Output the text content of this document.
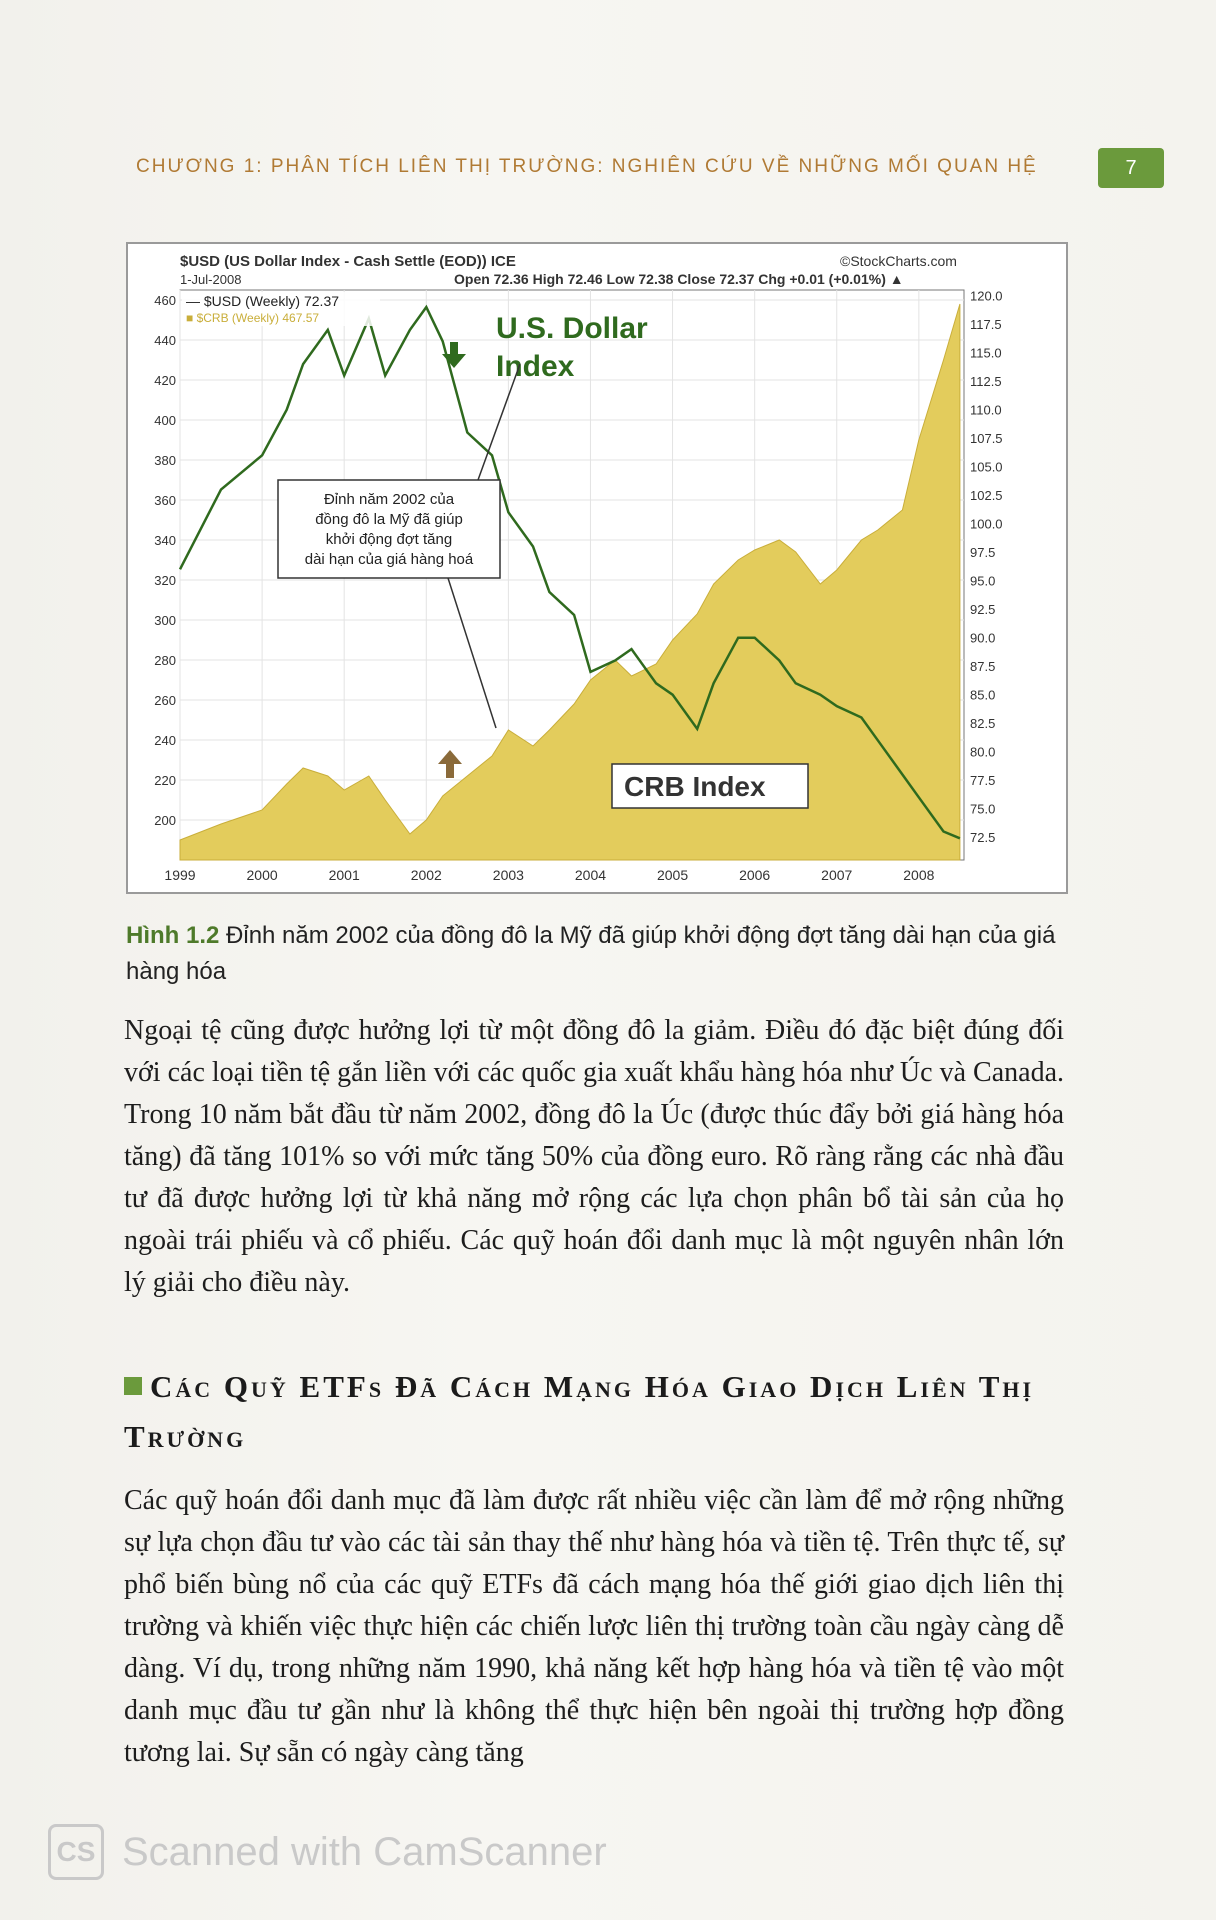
CHƯƠNG 1: PHÂN TÍCH LIÊN THỊ TRƯỜNG: NGHIÊN CỨU VỀ NHỮNG MỐI QUAN HỆ	7
$USD (US Dollar Index - Cash Settle (EOD)) ICE	©StockCharts.com
1-Jul-2008	Open 72.36 High 72.46 Low 72.38 Close 72.37 Chg +0.01 (+0.01%) ▲
200
220
240
260
280
300
320
340
360
380
400
420
440
460
72.5
75.0
77.5
80.0
82.5
85.0
87.5
90.0
92.5
95.0
97.5
100.0
102.5
105.0
107.5
110.0
112.5
115.0
117.5
120.0
1999	2000	2001	2002	2003	2004	2005	2006	2007	2008
— $USD (Weekly) 72.37
■ $CRB (Weekly) 467.57	U.S. Dollar
Index
CRB Index
Đỉnh năm 2002 của
đồng đô la Mỹ đã giúp
khởi động đợt tăng
dài hạn của giá hàng hoá
Hình 1.2 Đỉnh năm 2002 của đồng đô la Mỹ đã giúp khởi động đợt tăng dài hạn của giá hàng hóa
Ngoại tệ cũng được hưởng lợi từ một đồng đô la giảm. Điều đó đặc biệt đúng đối với các loại tiền tệ gắn liền với các quốc gia xuất khẩu hàng hóa như Úc và Canada. Trong 10 năm bắt đầu từ năm 2002, đồng đô la Úc (được thúc đẩy bởi giá hàng hóa tăng) đã tăng 101% so với mức tăng 50% của đồng euro. Rõ ràng rằng các nhà đầu tư đã được hưởng lợi từ khả năng mở rộng các lựa chọn phân bổ tài sản của họ ngoài trái phiếu và cổ phiếu. Các quỹ hoán đổi danh mục là một nguyên nhân lớn lý giải cho điều này.
Các Quỹ ETFs Đã Cách Mạng Hóa Giao Dịch Liên Thị Trường
Các quỹ hoán đổi danh mục đã làm được rất nhiều việc cần làm để mở rộng những sự lựa chọn đầu tư vào các tài sản thay thế như hàng hóa và tiền tệ. Trên thực tế, sự phổ biến bùng nổ của các quỹ ETFs đã cách mạng hóa thế giới giao dịch liên thị trường và khiến việc thực hiện các chiến lược liên thị trường toàn cầu ngày càng dễ dàng. Ví dụ, trong những năm 1990, khả năng kết hợp hàng hóa và tiền tệ vào một danh mục đầu tư gần như là không thể thực hiện bên ngoài thị trường hợp đồng tương lai. Sự sẵn có ngày càng tăng
CS Scanned with CamScanner
